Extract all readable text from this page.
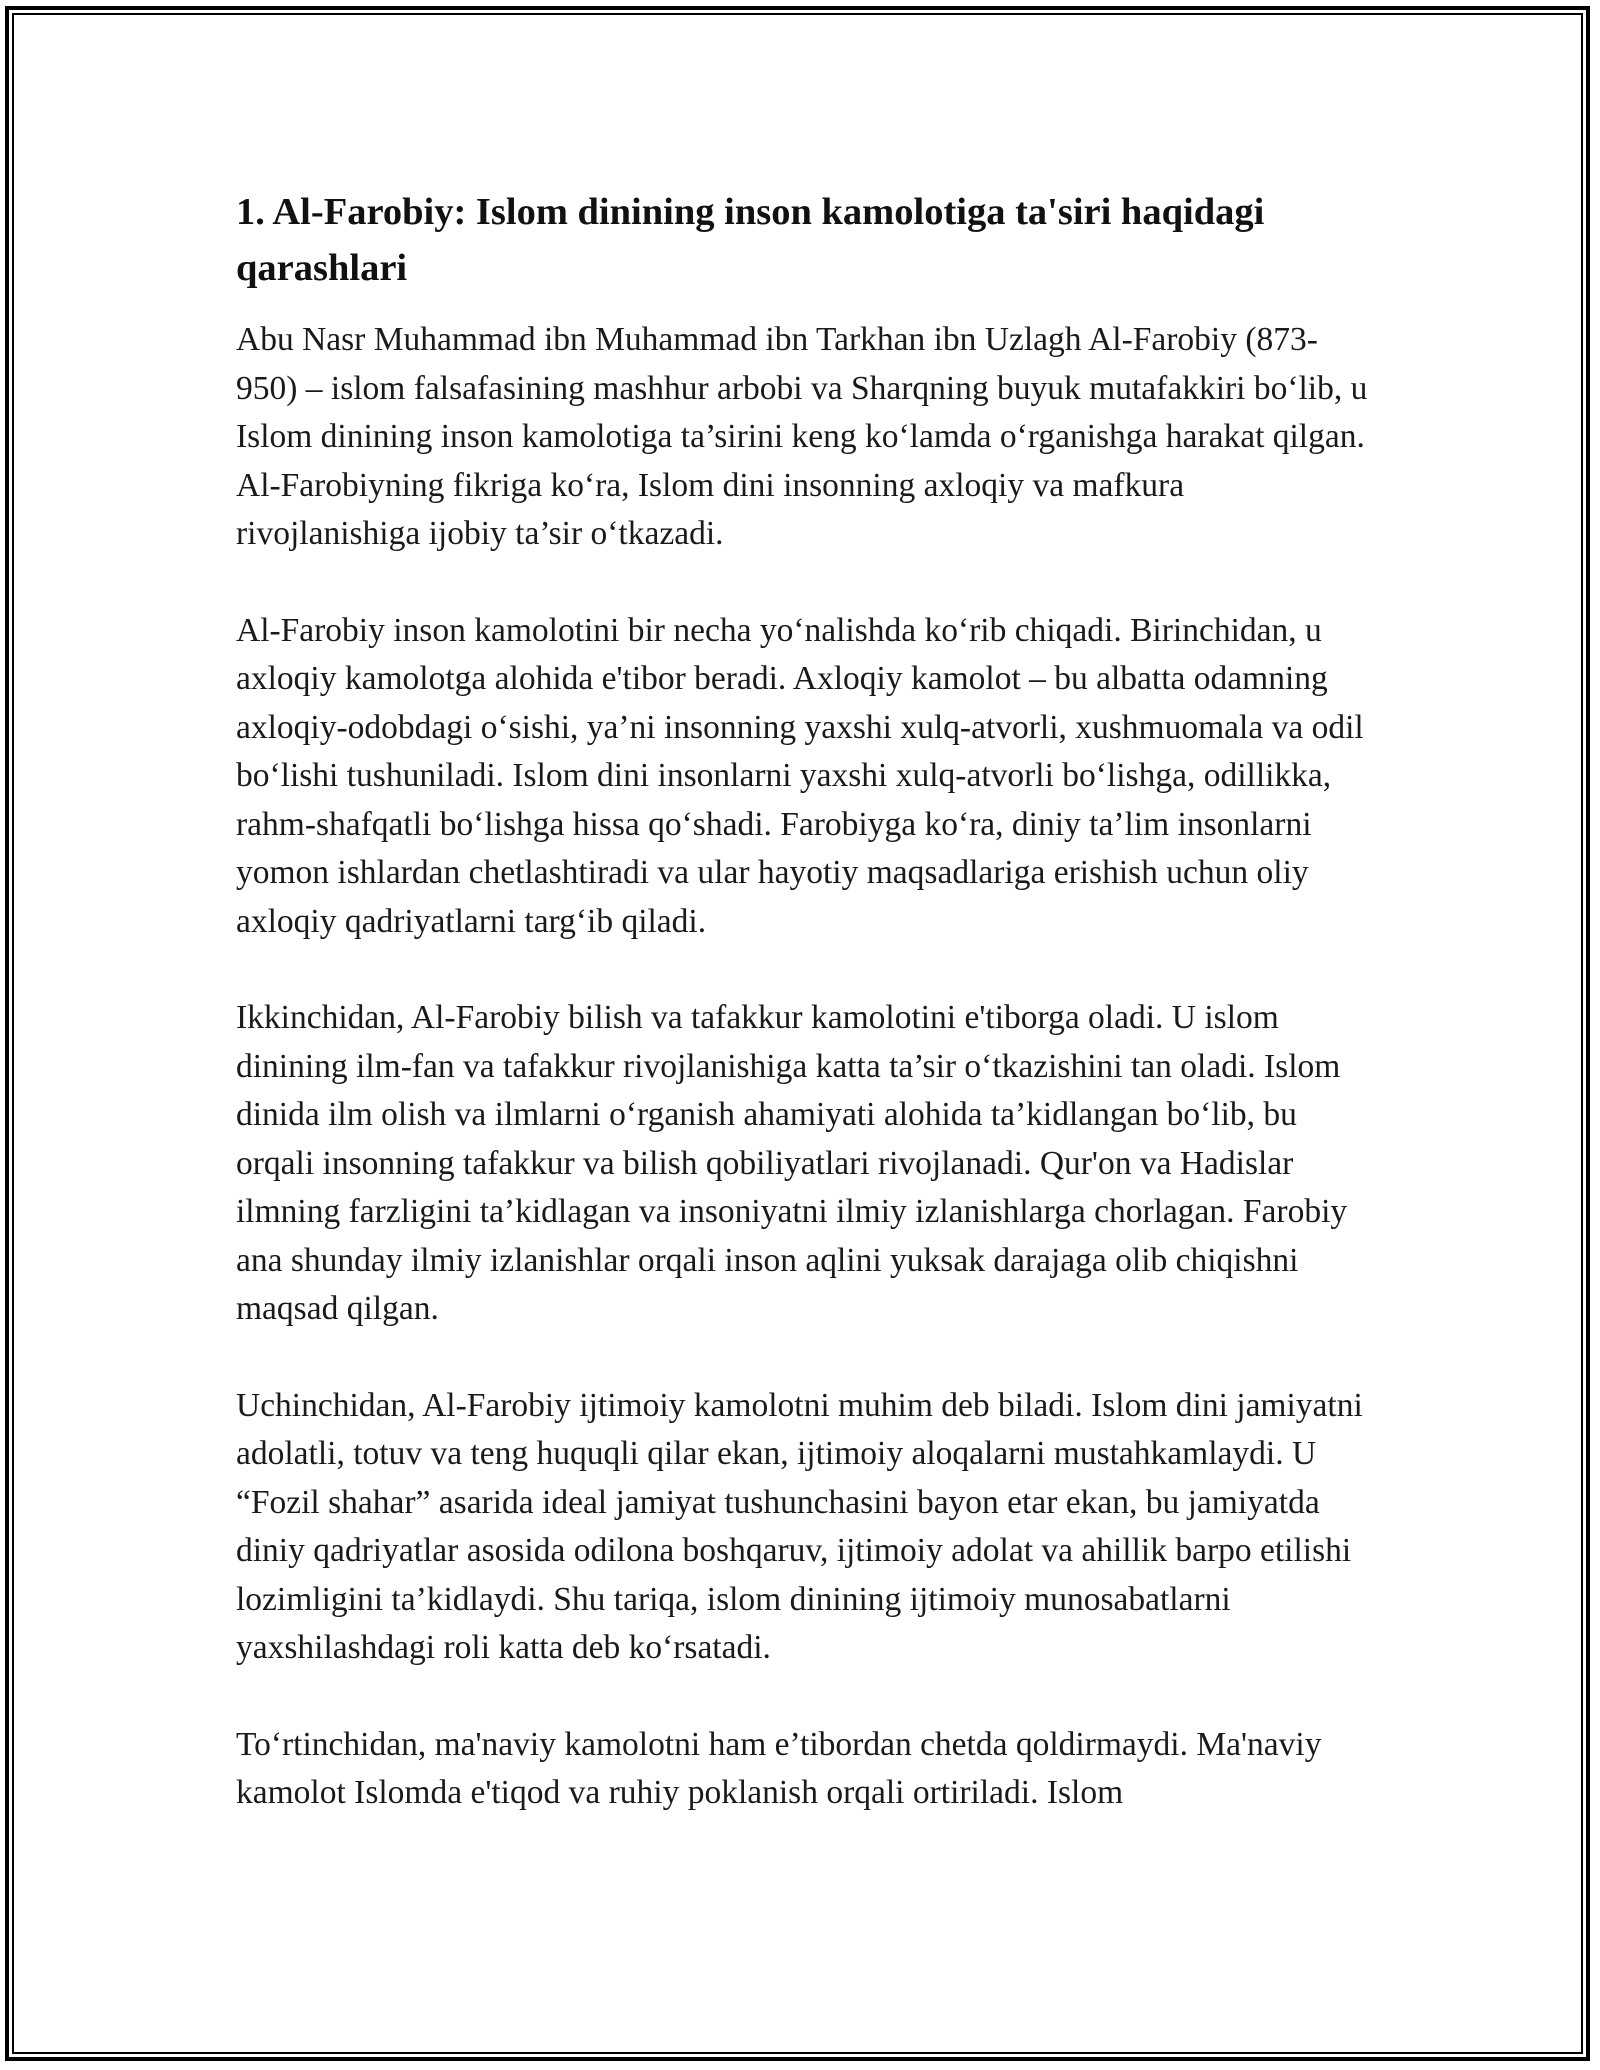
1. Al-Farobiy: Islom dinining inson kamolotiga ta'siri haqidagi qarashlari

Abu Nasr Muhammad ibn Muhammad ibn Tarkhan ibn Uzlagh Al-Farobiy (873-950) – islom falsafasining mashhur arbobi va Sharqning buyuk mutafakkiri bo‘lib, u Islom dinining inson kamolotiga ta’sirini keng ko‘lamda o‘rganishga harakat qilgan. Al-Farobiyning fikriga ko‘ra, Islom dini insonning axloqiy va mafkura rivojlanishiga ijobiy ta’sir o‘tkazadi.

Al-Farobiy inson kamolotini bir necha yo‘nalishda ko‘rib chiqadi. Birinchidan, u axloqiy kamolotga alohida e'tibor beradi. Axloqiy kamolot – bu albatta odamning axloqiy-odobdagi o‘sishi, ya’ni insonning yaxshi xulq-atvorli, xushmuomala va odil bo‘lishi tushuniladi. Islom dini insonlarni yaxshi xulq-atvorli bo‘lishga, odillikka, rahm-shafqatli bo‘lishga hissa qo‘shadi. Farobiyga ko‘ra, diniy ta’lim insonlarni yomon ishlardan chetlashtiradi va ular hayotiy maqsadlariga erishish uchun oliy axloqiy qadriyatlarni targ‘ib qiladi.

Ikkinchidan, Al-Farobiy bilish va tafakkur kamolotini e'tiborga oladi. U islom dinining ilm-fan va tafakkur rivojlanishiga katta ta’sir o‘tkazishini tan oladi. Islom dinida ilm olish va ilmlarni o‘rganish ahamiyati alohida ta’kidlangan bo‘lib, bu orqali insonning tafakkur va bilish qobiliyatlari rivojlanadi. Qur'on va Hadislar ilmning farzligini ta’kidlagan va insoniyatni ilmiy izlanishlarga chorlagan. Farobiy ana shunday ilmiy izlanishlar orqali inson aqlini yuksak darajaga olib chiqishni maqsad qilgan.

Uchinchidan, Al-Farobiy ijtimoiy kamolotni muhim deb biladi. Islom dini jamiyatni adolatli, totuv va teng huquqli qilar ekan, ijtimoiy aloqalarni mustahkamlaydi. U “Fozil shahar” asarida ideal jamiyat tushunchasini bayon etar ekan, bu jamiyatda diniy qadriyatlar asosida odilona boshqaruv, ijtimoiy adolat va ahillik barpo etilishi lozimligini ta’kidlaydi. Shu tariqa, islom dinining ijtimoiy munosabatlarni yaxshilashdagi roli katta deb ko‘rsatadi.

To‘rtinchidan, ma'naviy kamolotni ham e’tibordan chetda qoldirmaydi. Ma'naviy kamolot Islomda e'tiqod va ruhiy poklanish orqali ortiriladi. Islom
